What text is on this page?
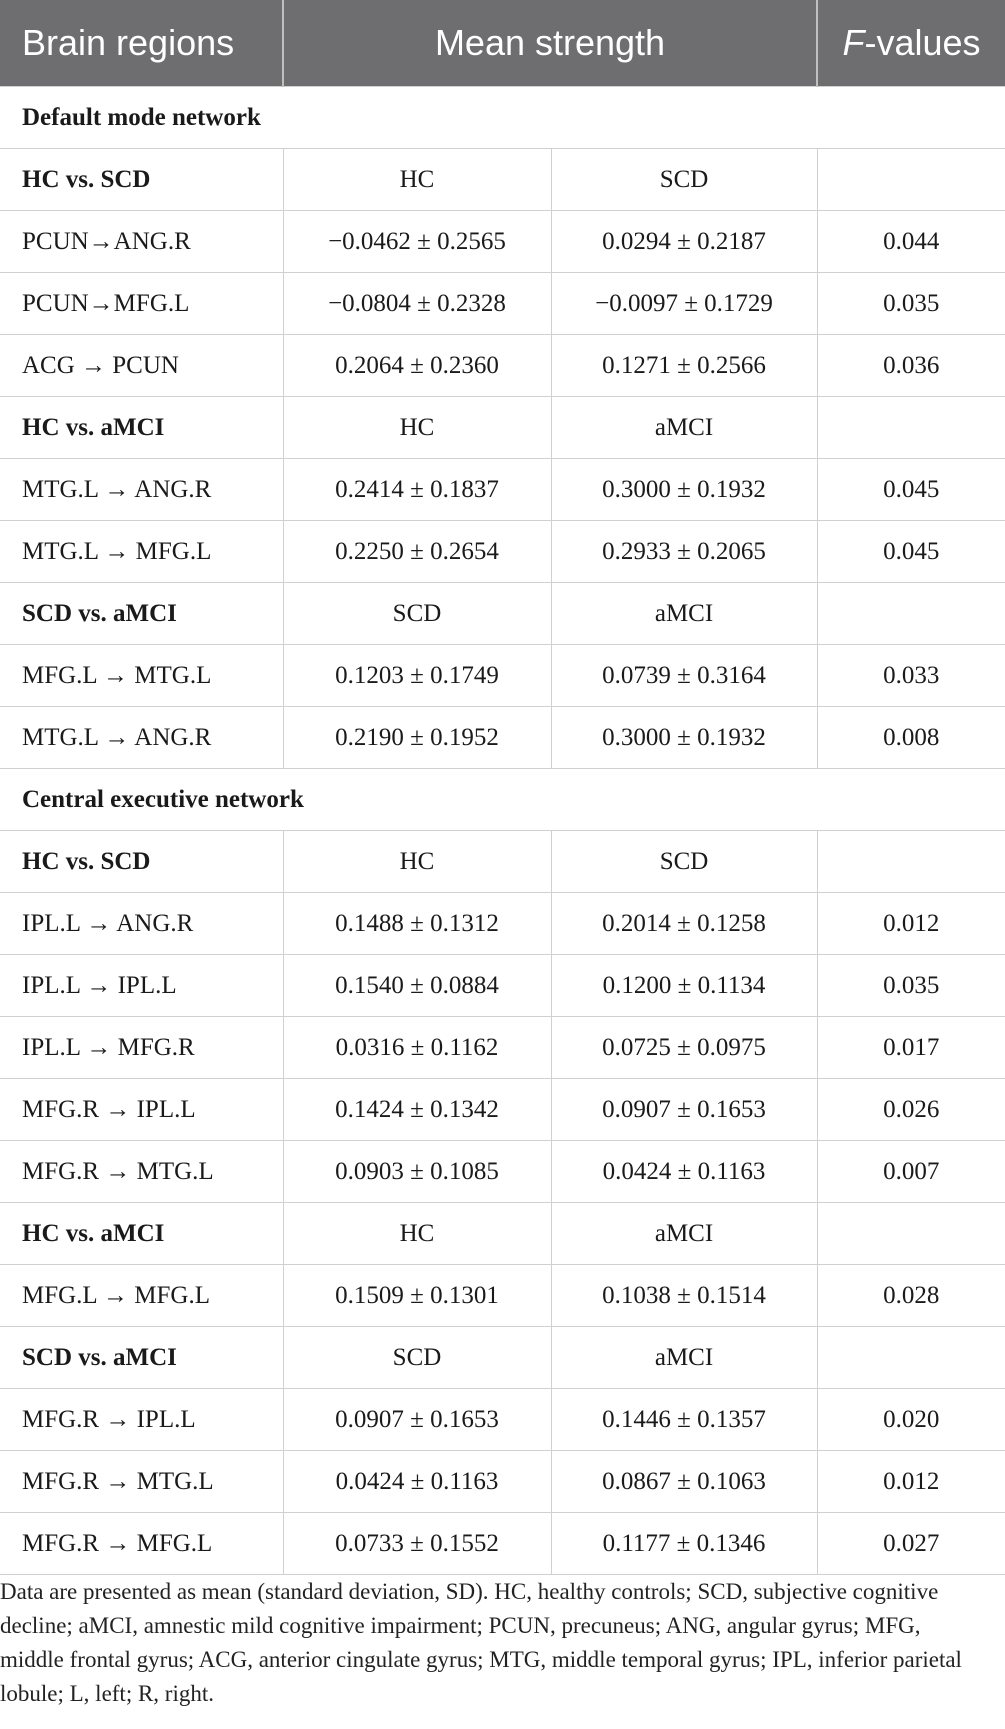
Brain regions	Mean strength		F-values
Default mode network			
HC vs. SCD	HC	SCD	
PCUN→ANG.R	−0.0462 ± 0.2565	0.0294 ± 0.2187	0.044
PCUN→MFG.L	−0.0804 ± 0.2328	−0.0097 ± 0.1729	0.035
ACG → PCUN	0.2064 ± 0.2360	0.1271 ± 0.2566	0.036
HC vs. aMCI	HC	aMCI	
MTG.L → ANG.R	0.2414 ± 0.1837	0.3000 ± 0.1932	0.045
MTG.L → MFG.L	0.2250 ± 0.2654	0.2933 ± 0.2065	0.045
SCD vs. aMCI	SCD	aMCI	
MFG.L → MTG.L	0.1203 ± 0.1749	0.0739 ± 0.3164	0.033
MTG.L → ANG.R	0.2190 ± 0.1952	0.3000 ± 0.1932	0.008
Central executive network			
HC vs. SCD	HC	SCD	
IPL.L → ANG.R	0.1488 ± 0.1312	0.2014 ± 0.1258	0.012
IPL.L → IPL.L	0.1540 ± 0.0884	0.1200 ± 0.1134	0.035
IPL.L → MFG.R	0.0316 ± 0.1162	0.0725 ± 0.0975	0.017
MFG.R → IPL.L	0.1424 ± 0.1342	0.0907 ± 0.1653	0.026
MFG.R → MTG.L	0.0903 ± 0.1085	0.0424 ± 0.1163	0.007
HC vs. aMCI	HC	aMCI	
MFG.L → MFG.L	0.1509 ± 0.1301	0.1038 ± 0.1514	0.028
SCD vs. aMCI	SCD	aMCI	
MFG.R → IPL.L	0.0907 ± 0.1653	0.1446 ± 0.1357	0.020
MFG.R → MTG.L	0.0424 ± 0.1163	0.0867 ± 0.1063	0.012
MFG.R → MFG.L	0.0733 ± 0.1552	0.1177 ± 0.1346	0.027
Data are presented as mean (standard deviation, SD). HC, healthy controls; SCD, subjective cognitive decline; aMCI, amnestic mild cognitive impairment; PCUN, precuneus; ANG, angular gyrus; MFG, middle frontal gyrus; ACG, anterior cingulate gyrus; MTG, middle temporal gyrus; IPL, inferior parietal lobule; L, left; R, right.
